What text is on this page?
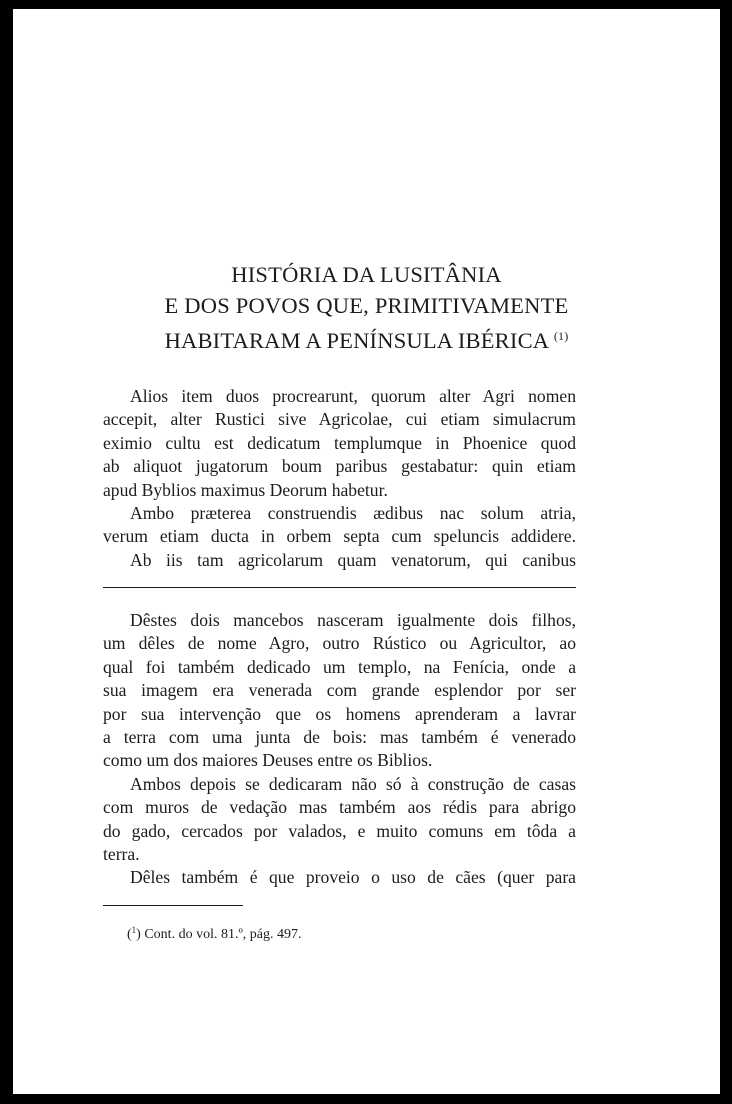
HISTÓRIA DA LUSITÂNIA
E DOS POVOS QUE, PRIMITIVAMENTE
HABITARAM A PENÍNSULA IBÉRICA $^{(1)}$
Alios item duos procrearunt, quorum alter Agri nomen
accepit, alter Rustici sive Agricolae, cui etiam simulacrum
eximio cultu est dedicatum templumque in Phoenice quod
ab aliquot jugatorum boum paribus gestabatur: quin etiam
apud Byblios maximus Deorum habetur.
Ambo præterea construendis ædibus nac solum atria,
verum etiam ducta in orbem septa cum speluncis addidere.
Ab iis tam agricolarum quam venatorum, qui canibus
Dêstes dois mancebos nasceram igualmente dois filhos,
um dêles de nome Agro, outro Rústico ou Agricultor, ao
qual foi também dedicado um templo, na Fenícia, onde a
sua imagem era venerada com grande esplendor por ser
por sua intervenção que os homens aprenderam a lavrar
a terra com uma junta de bois: mas também é venerado
como um dos maiores Deuses entre os Biblios.
Ambos depois se dedicaram não só à construção de casas
com muros de vedação mas também aos rédis para abrigo
do gado, cercados por valados, e muito comuns em tôda a
terra.
Dêles também é que proveio o uso de cães (quer para
($^1$) Cont. do vol. 81.º, pág. 497.
